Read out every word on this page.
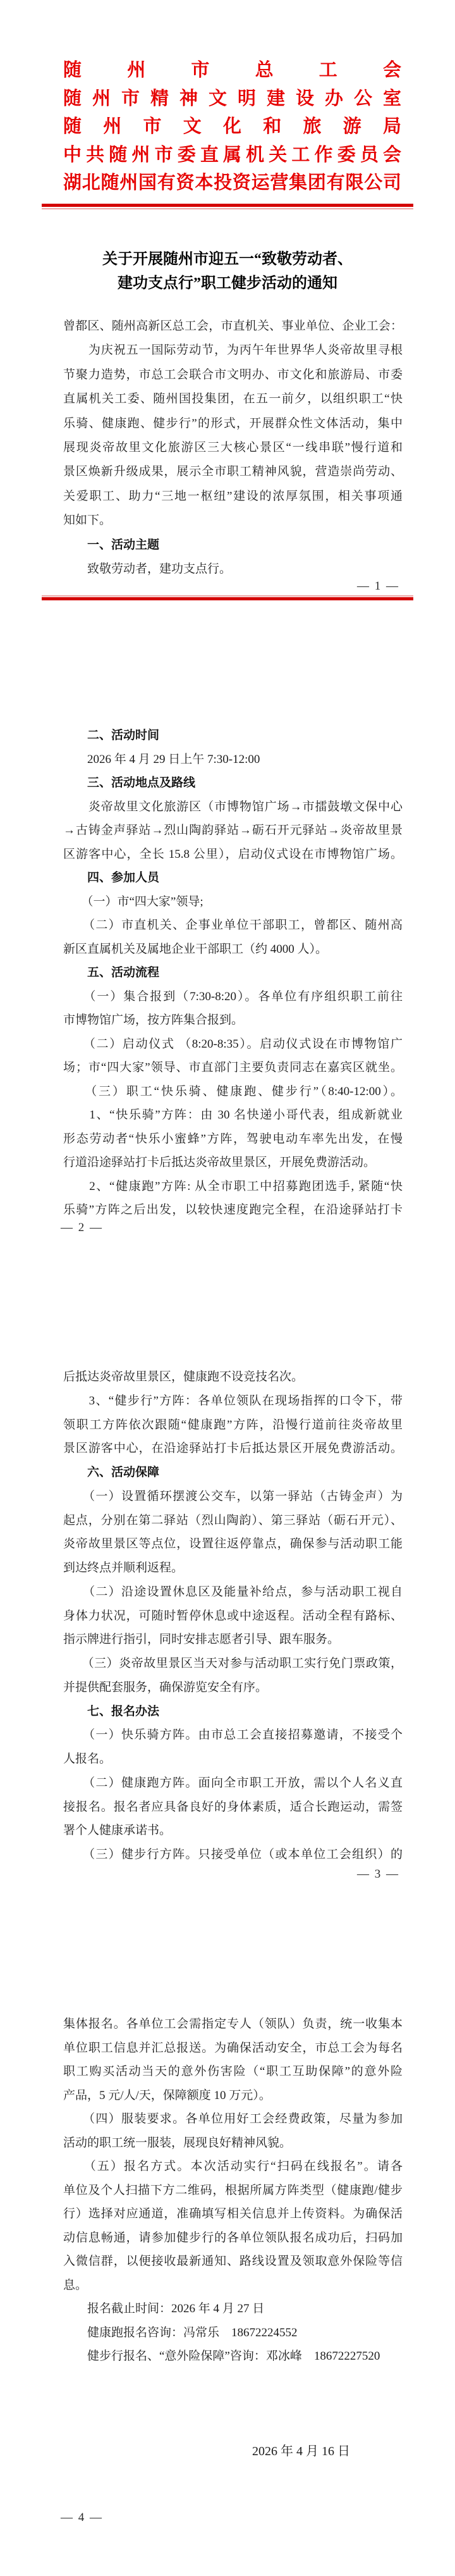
随州市总工会
随州市精神文明建设办公室
随州市文化和旅游局
中共随州市委直属机关工作委员会
湖北随州国有资本投资运营集团有限公司
关于开展随州市迎五一“致敬劳动者、
建功支点行”职工健步活动的通知
曾都区、随州高新区总工会，市直机关、事业单位、企业工会：
　　为庆祝五一国际劳动节，为丙午年世界华人炎帝故里寻根
节聚力造势，市总工会联合市文明办、市文化和旅游局、市委
直属机关工委、随州国投集团，在五一前夕，以组织职工“快
乐骑、健康跑、健步行”的形式，开展群众性文体活动，集中
展现炎帝故里文化旅游区三大核心景区“一线串联”慢行道和
景区焕新升级成果，展示全市职工精神风貌，营造崇尚劳动、
关爱职工、助力“三地一枢纽”建设的浓厚氛围，相关事项通
知如下。
　　一、活动主题
　　致敬劳动者，建功支点行。
— 1 —
　　二、活动时间
　　2026 年 4 月 29 日上午 7:30-12:00
　　三、活动地点及路线
　　炎帝故里文化旅游区（市博物馆广场→市擂鼓墩文保中心
→古铸金声驿站→烈山陶韵驿站→砺石开元驿站→炎帝故里景
区游客中心，全长 15.8 公里），启动仪式设在市博物馆广场。
　　四、参加人员
　　（一）市“四大家”领导;
　　（二）市直机关、企事业单位干部职工，曾都区、随州高
新区直属机关及属地企业干部职工（约 4000 人）。
　　五、活动流程
　　（一）集合报到（7:30-8:20）。各单位有序组织职工前往
市博物馆广场，按方阵集合报到。
　　（二）启动仪式 （8:20-8:35）。启动仪式设在市博物馆广
场；市“四大家”领导、市直部门主要负责同志在嘉宾区就坐。
　　（三）职工“快乐骑、健康跑、健步行”（8:40-12:00）。
　　1、“快乐骑”方阵：由 30 名快递小哥代表，组成新就业
形态劳动者“快乐小蜜蜂”方阵，驾驶电动车率先出发，在慢
行道沿途驿站打卡后抵达炎帝故里景区，开展免费游活动。
　　2、“健康跑”方阵: 从全市职工中招募跑团选手, 紧随“快
乐骑”方阵之后出发，以较快速度跑完全程，在沿途驿站打卡
— 2 —
后抵达炎帝故里景区，健康跑不设竞技名次。
　　3、“健步行”方阵：各单位领队在现场指挥的口令下，带
领职工方阵依次跟随“健康跑”方阵，沿慢行道前往炎帝故里
景区游客中心，在沿途驿站打卡后抵达景区开展免费游活动。
　　六、活动保障
　　（一）设置循环摆渡公交车，以第一驿站（古铸金声）为
起点，分别在第二驿站（烈山陶韵）、第三驿站（砺石开元）、
炎帝故里景区等点位，设置往返停靠点，确保参与活动职工能
到达终点并顺利返程。
　　（二）沿途设置休息区及能量补给点，参与活动职工视自
身体力状况，可随时暂停休息或中途返程。活动全程有路标、
指示牌进行指引，同时安排志愿者引导、跟车服务。
　　（三）炎帝故里景区当天对参与活动职工实行免门票政策，
并提供配套服务，确保游览安全有序。
　　七、报名办法
　　（一）快乐骑方阵。由市总工会直接招募邀请，不接受个
人报名。
　　（二）健康跑方阵。面向全市职工开放，需以个人名义直
接报名。报名者应具备良好的身体素质，适合长跑运动，需签
署个人健康承诺书。
　　（三）健步行方阵。只接受单位（或本单位工会组织）的
— 3 —
集体报名。各单位工会需指定专人（领队）负责，统一收集本
单位职工信息并汇总报送。为确保活动安全，市总工会为每名
职工购买活动当天的意外伤害险（“职工互助保障”的意外险
产品，5 元/人/天，保障额度 10 万元）。
　　（四）服装要求。各单位用好工会经费政策，尽量为参加
活动的职工统一服装，展现良好精神风貌。
　　（五）报名方式。本次活动实行“扫码在线报名”。请各
单位及个人扫描下方二维码，根据所属方阵类型（健康跑/健步
行）选择对应通道，准确填写相关信息并上传资料。为确保活
动信息畅通，请参加健步行的各单位领队报名成功后，扫码加
入微信群，以便接收最新通知、路线设置及领取意外保险等信
息。
　　报名截止时间：2026 年 4 月 27 日
　　健康跑报名咨询：冯常乐　18672224552
　　健步行报名、“意外险保障”咨询：邓冰峰　18672227520
2026 年 4 月 16 日
— 4 —
